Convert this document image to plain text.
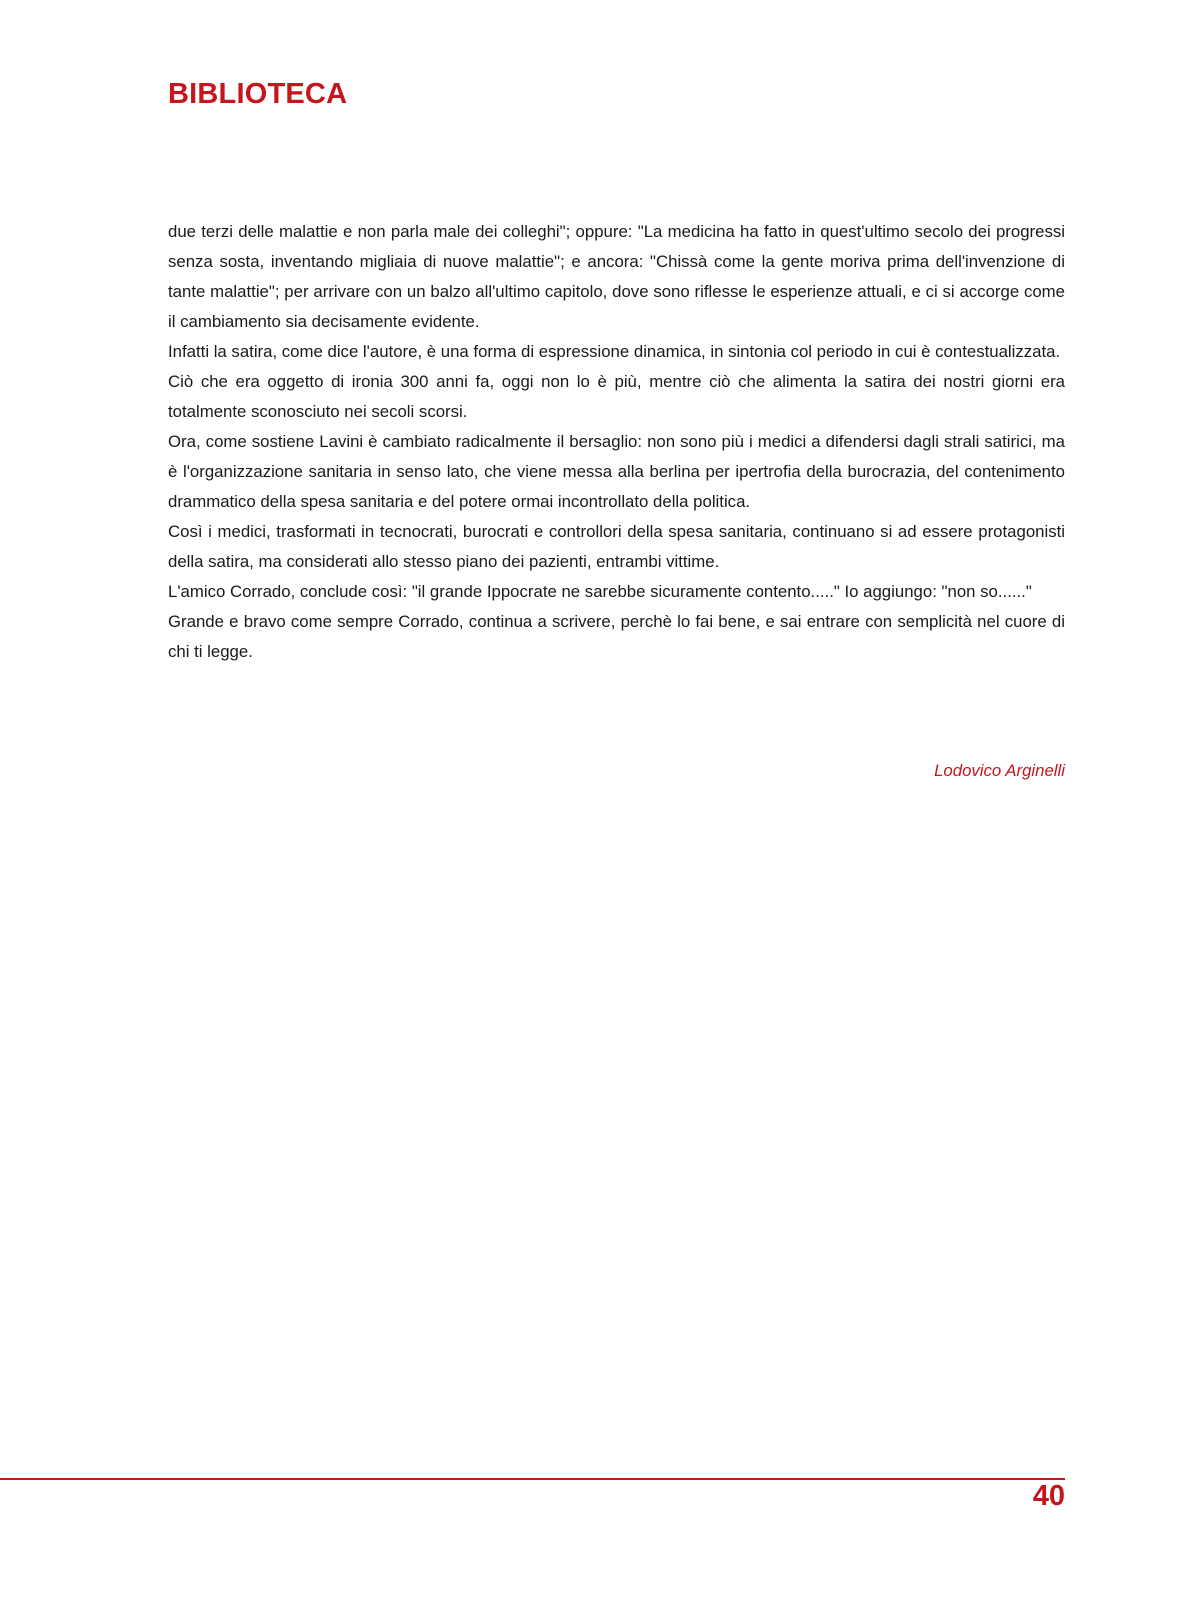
BIBLIOTECA

due terzi delle malattie e non parla male dei colleghi"; oppure: "La medicina ha fatto in quest'ultimo secolo dei progressi senza sosta, inventando migliaia di nuove malattie"; e ancora: "Chissà come la gente moriva prima dell'invenzione di tante malattie"; per arrivare con un balzo all'ultimo capitolo, dove sono riflesse le esperienze attuali, e ci si accorge come il cambiamento sia decisamente evidente.

Infatti la satira, come dice l'autore, è una forma di espressione dinamica, in sintonia col periodo in cui è contestualizzata.

Ciò che era oggetto di ironia 300 anni fa, oggi non lo è più, mentre ciò che alimenta la satira dei nostri giorni era totalmente sconosciuto nei secoli scorsi.

Ora, come sostiene Lavini è cambiato radicalmente il bersaglio: non sono più i medici a difendersi dagli strali satirici, ma è l'organizzazione sanitaria in senso lato, che viene messa alla berlina per ipertrofia della burocrazia, del contenimento drammatico della spesa sanitaria e del potere ormai incontrollato della politica.

Così i medici, trasformati in tecnocrati, burocrati e controllori della spesa sanitaria, continuano si ad essere protagonisti della satira, ma considerati allo stesso piano dei pazienti, entrambi vittime.

L'amico Corrado, conclude così: "il grande Ippocrate ne sarebbe sicuramente contento....." Io aggiungo: "non so......"

Grande e bravo come sempre Corrado, continua a scrivere, perchè lo fai bene, e sai entrare con semplicità nel cuore di chi ti legge.

Lodovico Arginelli
40
